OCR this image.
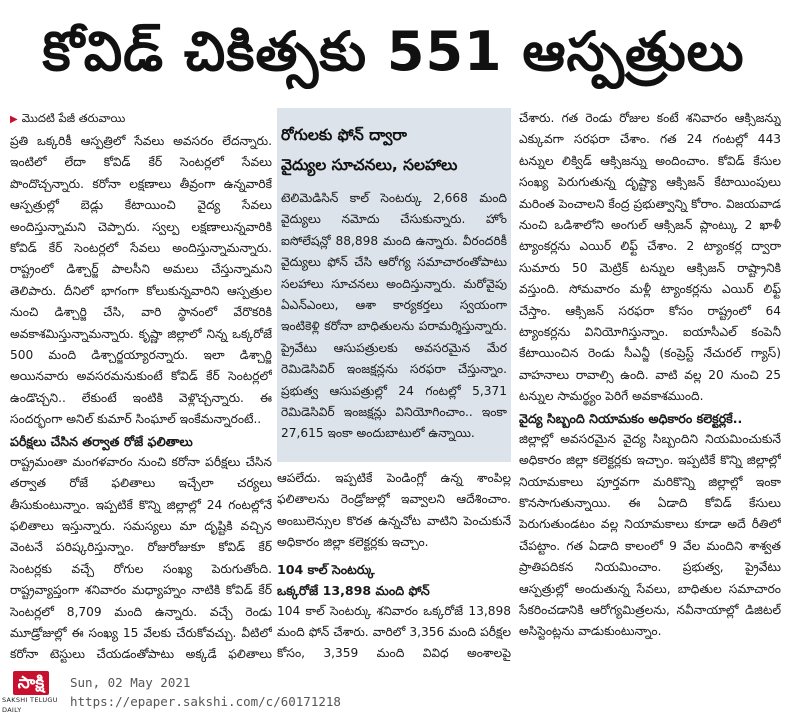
కోవిడ్ చికిత్సకు 551 ఆస్పత్రులు

▶ మొదటి పేజీ తరువాయి

ప్రతి ఒక్కరికీ ఆస్పత్రిలో సేవలు అవసరం లేదన్నారు. ఇంటిలో లేదా కోవిడ్ కేర్ సెంటర్లలో సేవలు పొందొచ్చన్నారు. కరోనా లక్షణాలు తీవ్రంగా ఉన్నవారికే ఆస్పత్రుల్లో బెడ్లు కేటాయించి వైద్య సేవలు అందిస్తున్నామని చెప్పారు. స్వల్ప లక్షణాలున్నవారికి కోవిడ్ కేర్ సెంటర్లలో సేవలు అందిస్తున్నామన్నారు. రాష్ట్రంలో డిశ్చార్జ్ పాలసీని అమలు చేస్తున్నామని తెలిపారు. దీనిలో భాగంగా కోలుకున్నవారిని ఆస్పత్రుల నుంచి డిశ్చార్జి చేసి, వారి స్థానంలో వేరొకరికి అవకాశమిస్తున్నామన్నారు. కృష్ణా జిల్లాలో నిన్న ఒక్కరోజే 500 మంది డిశ్చార్జయ్యారన్నారు. ఇలా డిశ్చార్జి అయినవారు అవసరమనుకుంటే కోవిడ్ కేర్ సెంటర్లలో ఉండొచ్చని.. లేకుంటే ఇంటికి వెళ్లొచ్చన్నారు. ఈ సందర్భంగా అనిల్ కుమార్ సింఘాల్ ఇంకేమన్నారంటే..

పరీక్షలు చేసిన తర్వాత రోజే ఫలితాలు

రాష్ట్రమంతా మంగళవారం నుంచి కరోనా పరీక్షలు చేసిన తర్వాత రోజే ఫలితాలు ఇచ్చేలా చర్యలు తీసుకుంటున్నాం. ఇప్పటికే కొన్ని జిల్లాల్లో 24 గంటల్లోనే ఫలితాలు ఇస్తున్నారు. సమస్యలు మా దృష్టికి వచ్చిన వెంటనే పరిష్కరిస్తున్నాం. రోజురోజుకూ కోవిడ్ కేర్ సెంటర్లకు వచ్చే రోగుల సంఖ్య పెరుగుతోంది. రాష్ట్రవ్యాప్తంగా శనివారం మధ్యాహ్నం నాటికి కోవిడ్ కేర్ సెంటర్లలో 8,709 మంది ఉన్నారు. వచ్చే రెండు మూడ్రోజుల్లో ఈ సంఖ్య 15 వేలకు చేరుకోవచ్చు. వీటిలో కరోనా టెస్టులు చేయడంతోపాటు అక్కడే ఫలితాలు

రోగులకు ఫోన్ ద్వారా
వైద్యుల సూచనలు, సలహాలు

టెలిమెడిసిన్ కాల్ సెంటర్కు 2,668 మంది వైద్యులు నమోదు చేసుకున్నారు. హోం ఐసోలేషన్లో 88,898 మంది ఉన్నారు. వీరందరికీ వైద్యులు ఫోన్ చేసి ఆరోగ్య సమాచారంతోపాటు సలహాలు సూచనలు అందిస్తున్నారు. మరోవైపు ఏఎన్ఎంలు, ఆశా కార్యకర్తలు స్వయంగా ఇంటికెళ్లి కరోనా బాధితులను పరామర్శిస్తున్నారు. ప్రైవేటు ఆసుపత్రులకు అవసరమైన మేర రెమిడెసివిర్ ఇంజక్షన్లను సరఫరా చేస్తున్నాం. ప్రభుత్వ ఆసుపత్రుల్లో 24 గంటల్లో 5,371 రెమిడెసివిర్ ఇంజక్షన్లు వినియోగించాం.. ఇంకా 27,615 ఇంకా అందుబాటులో ఉన్నాయి.

ఆపలేదు. ఇప్పటికే పెండింగ్లో ఉన్న శాంపిల్ల ఫలితాలను రెండ్రోజుల్లో ఇవ్వాలని ఆదేశించాం. అంబులెన్సుల కొరత ఉన్నచోట వాటిని పెంచుకునే అధికారం జిల్లా కలెక్టర్లకు ఇచ్చాం.

104 కాల్ సెంటర్కు

ఒక్కరోజే 13,898 మంది ఫోన్

104 కాల్ సెంటర్కు శనివారం ఒక్కరోజే 13,898 మంది ఫోన్ చేశారు. వారిలో 3,356 మంది పరీక్షల కోసం, 3,359 మంది వివిధ అంశాలపై

చేశారు. గత రెండు రోజుల కంటే శనివారం ఆక్సిజన్ను ఎక్కువగా సరఫరా చేశాం. గత 24 గంటల్లో 443 టన్నుల లిక్విడ్ ఆక్సిజన్ను అందించాం. కోవిడ్ కేసుల సంఖ్య పెరుగుతున్న దృష్ట్యా ఆక్సిజన్ కేటాయింపులు మరింత పెంచాలని కేంద్ర ప్రభుత్వాన్ని కోరాం. విజయవాడ నుంచి ఒడిశాలోని అంగుల్ ఆక్సిజన్ ప్లాంట్కు 2 ఖాళీ ట్యాంకర్లను ఎయిర్ లిఫ్ట్ చేశాం. 2 ట్యాంకర్ల ద్వారా సుమారు 50 మెట్రిక్ టన్నుల ఆక్సిజన్ రాష్ట్రానికి వస్తుంది. సోమవారం మళ్లీ ట్యాంకర్లను ఎయిర్ లిఫ్ట్ చేస్తాం. ఆక్సిజన్ సరఫరా కోసం రాష్ట్రంలో 64 ట్యాంకర్లను వినియోగిస్తున్నాం. ఐయాసీఎల్ కంపెనీ కేటాయించిన రెండు సీఎన్జీ (కంప్రెస్ట్ నేచురల్ గ్యాస్) వాహనాలు రావాల్సి ఉంది. వాటి వల్ల 20 నుంచి 25 టన్నుల సామర్థ్యం పెరిగే అవకాశముంది.

వైద్య సిబ్బంది నియామకం అధికారం కలెక్టర్లకే..

జిల్లాల్లో అవసరమైన వైద్య సిబ్బందిని నియమించుకునే అధికారం జిల్లా కలెక్టర్లకు ఇచ్చాం. ఇప్పటికే కొన్ని జిల్లాల్లో నియామకాలు పూర్తవగా మరికొన్ని జిల్లాల్లో ఇంకా కొనసాగుతున్నాయి. ఈ ఏడాది కోవిడ్ కేసులు పెరుగుతుండటం వల్ల నియామకాలు కూడా అదే రీతిలో చేపట్టాం. గత ఏడాది కాలంలో 9 వేల మందిని శాశ్వత ప్రాతిపదికన నియమించాం. ప్రభుత్వ, ప్రైవేటు ఆస్పత్రుల్లో అందుతున్న సేవలు, బాధితుల సమాచారం సేకరించడానికి ఆరోగ్యమిత్రలను, నవీనాయాల్లో డిజిటల్ అసిస్టెంట్లను వాడుకుంటున్నాం.

సాక్షి
SAKSHI TELUGU DAILY
Sun, 02 May 2021
https://epaper.sakshi.com/c/60171218
